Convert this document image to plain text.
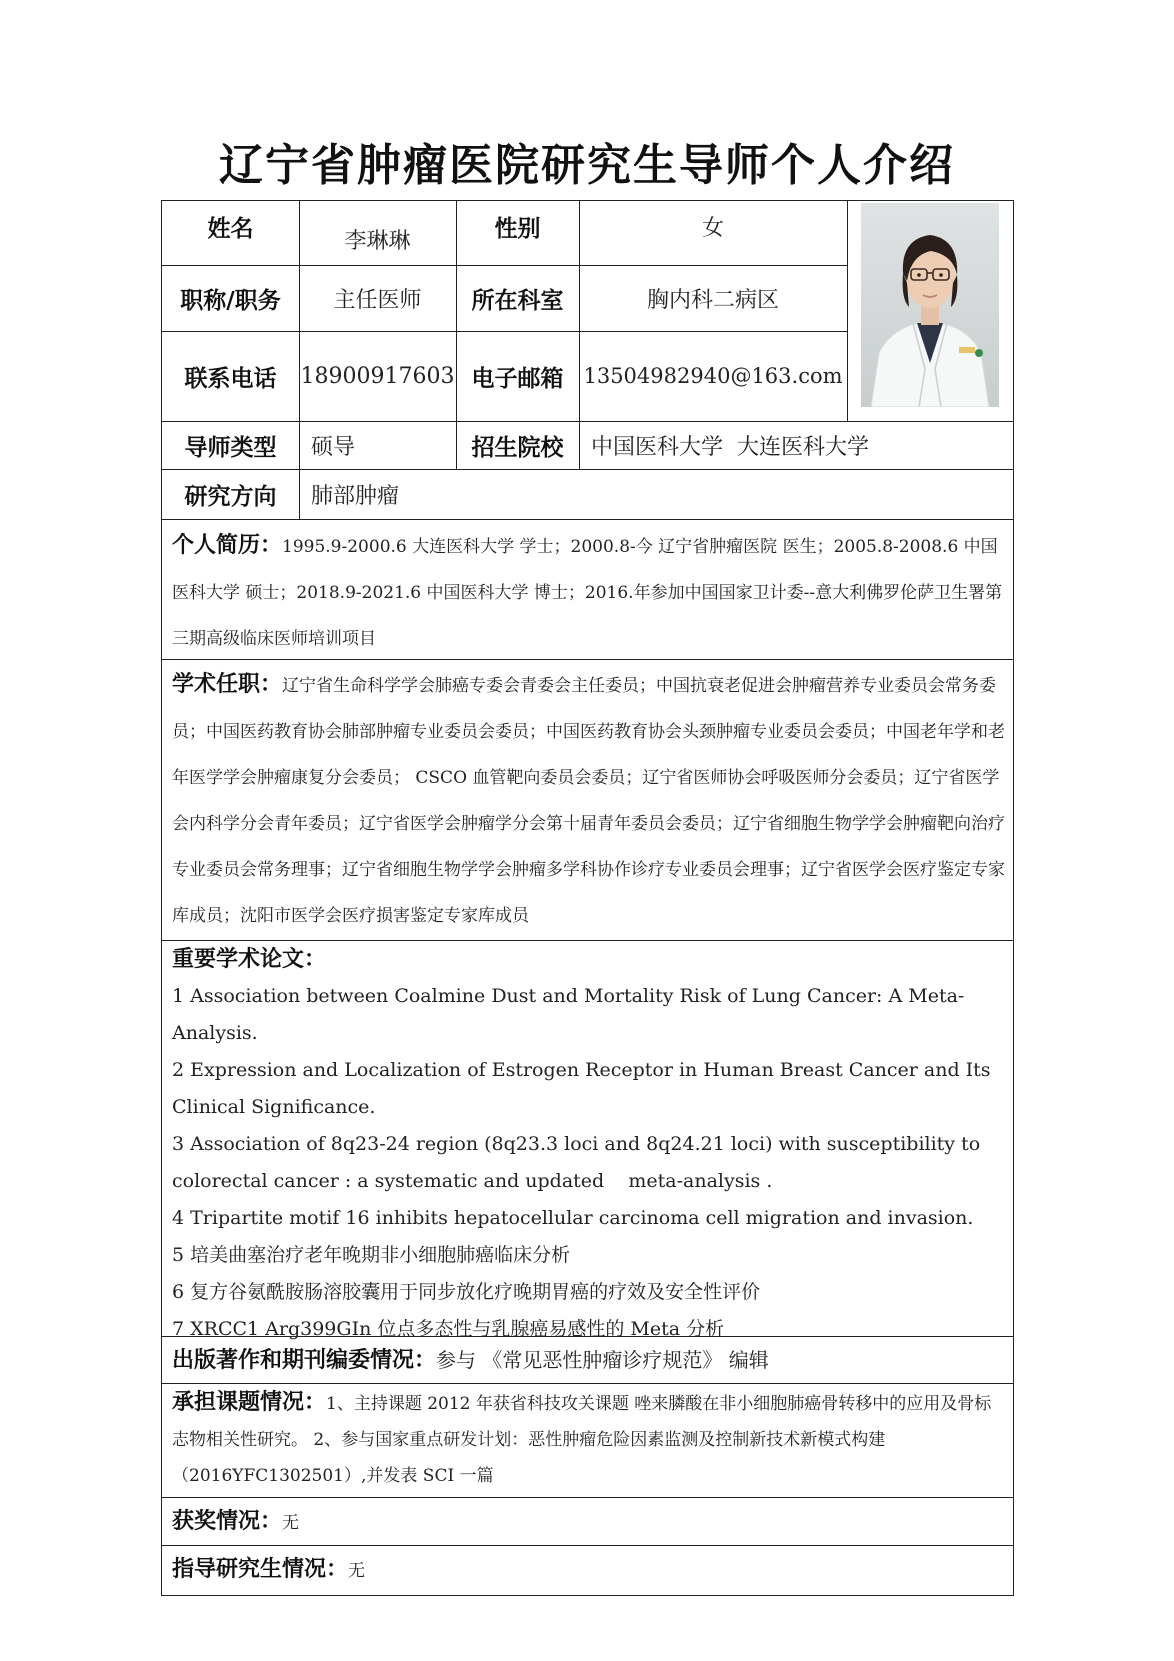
辽宁省肿瘤医院研究生导师个人介绍
姓名	李琳琳	性别	女
职称/职务	主任医师	所在科室	胸内科二病区
联系电话	18900917603 电子邮箱 13504982940@163.com
导师类型	硕导	招生院校	中国医科大学  大连医科大学
研究方向	肺部肿瘤
个人简历：1995.9-2000.6 大连医科大学 学士；2000.8-今 辽宁省肿瘤医院 医生；2005.8-2008.6 中国医科大学 硕士；2018.9-2021.6 中国医科大学 博士；2016.年参加中国国家卫计委--意大利佛罗伦萨卫生署第三期高级临床医师培训项目
学术任职：辽宁省生命科学学会肺癌专委会青委会主任委员；中国抗衰老促进会肿瘤营养专业委员会常务委员；中国医药教育协会肺部肿瘤专业委员会委员；中国医药教育协会头颈肿瘤专业委员会委员；中国老年学和老年医学学会肿瘤康复分会委员； CSCO 血管靶向委员会委员；辽宁省医师协会呼吸医师分会委员；辽宁省医学会内科学分会青年委员；辽宁省医学会肿瘤学分会第十届青年委员会委员；辽宁省细胞生物学学会肿瘤靶向治疗专业委员会常务理事；辽宁省细胞生物学学会肿瘤多学科协作诊疗专业委员会理事；辽宁省医学会医疗鉴定专家库成员；沈阳市医学会医疗损害鉴定专家库成员
重要学术论文：
1 Association between Coalmine Dust and Mortality Risk of Lung Cancer: A Meta-Analysis.
2 Expression and Localization of Estrogen Receptor in Human Breast Cancer and Its Clinical Significance.
3 Association of 8q23-24 region (8q23.3 loci and 8q24.21 loci) with susceptibility to colorectal cancer : a systematic and updated    meta-analysis .
4 Tripartite motif 16 inhibits hepatocellular carcinoma cell migration and invasion.
5 培美曲塞治疗老年晚期非小细胞肺癌临床分析
6 复方谷氨酰胺肠溶胶囊用于同步放化疗晚期胃癌的疗效及安全性评价
7 XRCC1 Arg399GIn 位点多态性与乳腺癌易感性的 Meta 分析
出版著作和期刊编委情况：参与 《常见恶性肿瘤诊疗规范》 编辑
承担课题情况：1、主持课题 2012 年获省科技攻关课题 唑来膦酸在非小细胞肺癌骨转移中的应用及骨标志物相关性研究。 2、参与国家重点研发计划：恶性肿瘤危险因素监测及控制新技术新模式构建（2016YFC1302501）,并发表 SCI 一篇
获奖情况：无
指导研究生情况：无
